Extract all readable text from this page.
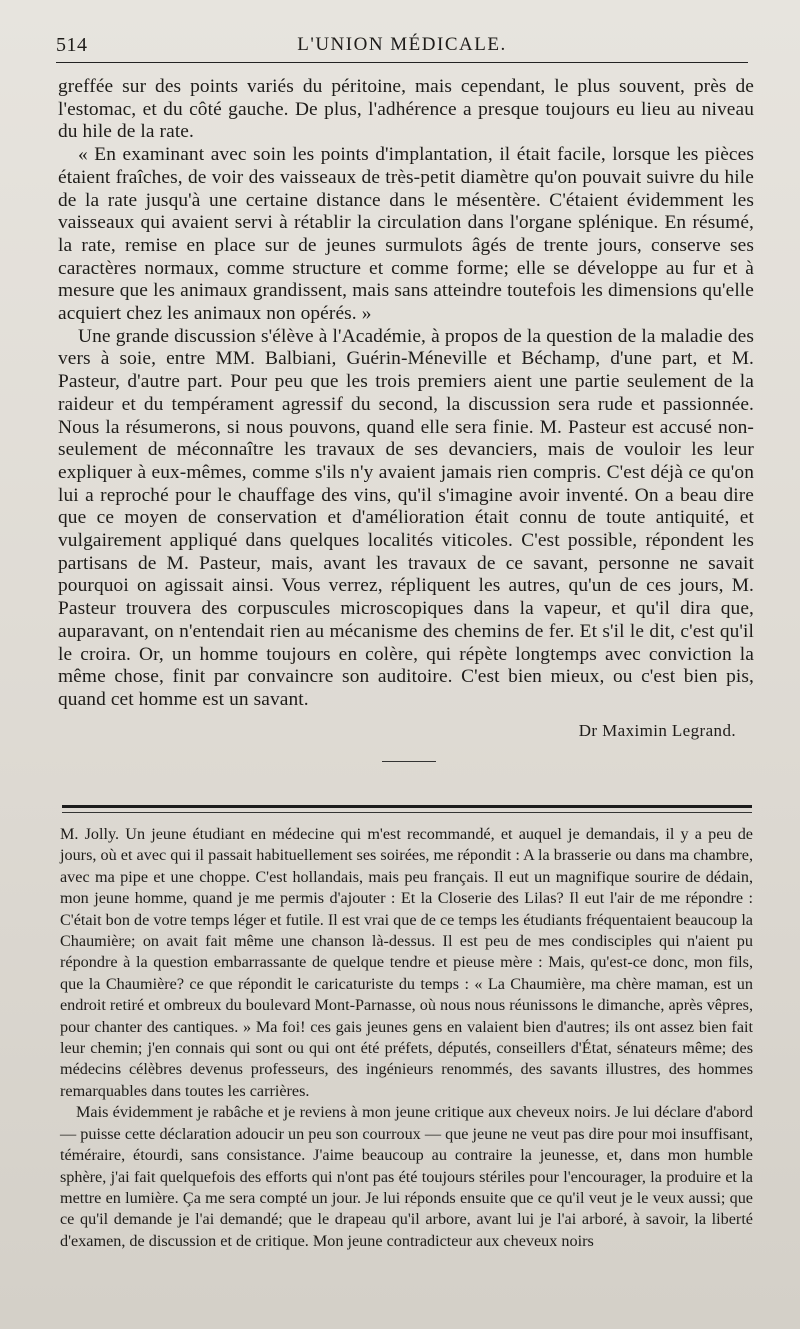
514	L'UNION MÉDICALE.

greffée sur des points variés du péritoine, mais cependant, le plus souvent, près de l'estomac, et du côté gauche. De plus, l'adhérence a presque toujours eu lieu au niveau du hile de la rate.

« En examinant avec soin les points d'implantation, il était facile, lorsque les pièces étaient fraîches, de voir des vaisseaux de très-petit diamètre qu'on pouvait suivre du hile de la rate jusqu'à une certaine distance dans le mésentère. C'étaient évidemment les vaisseaux qui avaient servi à rétablir la circulation dans l'organe splénique. En résumé, la rate, remise en place sur de jeunes surmulots âgés de trente jours, conserve ses caractères normaux, comme structure et comme forme; elle se développe au fur et à mesure que les animaux grandissent, mais sans atteindre toutefois les dimensions qu'elle acquiert chez les animaux non opérés. »

Une grande discussion s'élève à l'Académie, à propos de la question de la maladie des vers à soie, entre MM. Balbiani, Guérin-Méneville et Béchamp, d'une part, et M. Pasteur, d'autre part. Pour peu que les trois premiers aient une partie seulement de la raideur et du tempérament agressif du second, la discussion sera rude et passionnée. Nous la résumerons, si nous pouvons, quand elle sera finie. M. Pasteur est accusé non-seulement de méconnaître les travaux de ses devanciers, mais de vouloir les leur expliquer à eux-mêmes, comme s'ils n'y avaient jamais rien compris. C'est déjà ce qu'on lui a reproché pour le chauffage des vins, qu'il s'imagine avoir inventé. On a beau dire que ce moyen de conservation et d'amélioration était connu de toute antiquité, et vulgairement appliqué dans quelques localités viticoles. C'est possible, répondent les partisans de M. Pasteur, mais, avant les travaux de ce savant, personne ne savait pourquoi on agissait ainsi. Vous verrez, répliquent les autres, qu'un de ces jours, M. Pasteur trouvera des corpuscules microscopiques dans la vapeur, et qu'il dira que, auparavant, on n'entendait rien au mécanisme des chemins de fer. Et s'il le dit, c'est qu'il le croira. Or, un homme toujours en colère, qui répète longtemps avec conviction la même chose, finit par convaincre son auditoire. C'est bien mieux, ou c'est bien pis, quand cet homme est un savant.

Dr Maximin Legrand.

M. Jolly. Un jeune étudiant en médecine qui m'est recommandé, et auquel je demandais, il y a peu de jours, où et avec qui il passait habituellement ses soirées, me répondit : A la brasserie ou dans ma chambre, avec ma pipe et une choppe. C'est hollandais, mais peu français. Il eut un magnifique sourire de dédain, mon jeune homme, quand je me permis d'ajouter : Et la Closerie des Lilas? Il eut l'air de me répondre : C'était bon de votre temps léger et futile. Il est vrai que de ce temps les étudiants fréquentaient beaucoup la Chaumière; on avait fait même une chanson là-dessus. Il est peu de mes condisciples qui n'aient pu répondre à la question embarrassante de quelque tendre et pieuse mère : Mais, qu'est-ce donc, mon fils, que la Chaumière? ce que répondit le caricaturiste du temps : « La Chaumière, ma chère maman, est un endroit retiré et ombreux du boulevard Mont-Parnasse, où nous nous réunissons le dimanche, après vêpres, pour chanter des cantiques. » Ma foi! ces gais jeunes gens en valaient bien d'autres; ils ont assez bien fait leur chemin; j'en connais qui sont ou qui ont été préfets, députés, conseillers d'État, sénateurs même; des médecins célèbres devenus professeurs, des ingénieurs renommés, des savants illustres, des hommes remarquables dans toutes les carrières.

Mais évidemment je rabâche et je reviens à mon jeune critique aux cheveux noirs. Je lui déclare d'abord — puisse cette déclaration adoucir un peu son courroux — que jeune ne veut pas dire pour moi insuffisant, téméraire, étourdi, sans consistance. J'aime beaucoup au contraire la jeunesse, et, dans mon humble sphère, j'ai fait quelquefois des efforts qui n'ont pas été toujours stériles pour l'encourager, la produire et la mettre en lumière. Ça me sera compté un jour. Je lui réponds ensuite que ce qu'il veut je le veux aussi; que ce qu'il demande je l'ai demandé; que le drapeau qu'il arbore, avant lui je l'ai arboré, à savoir, la liberté d'examen, de discussion et de critique. Mon jeune contradicteur aux cheveux noirs
